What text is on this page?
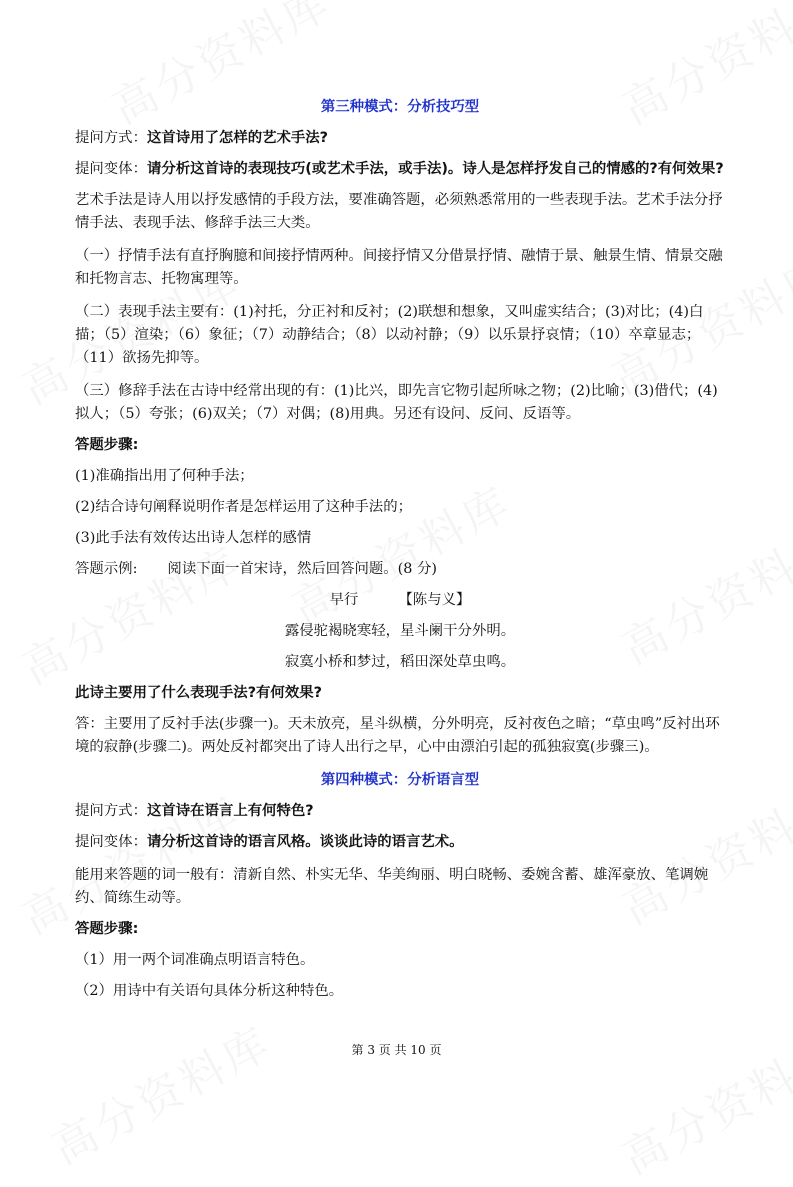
第三种模式：分析技巧型

提问方式：这首诗用了怎样的艺术手法?

提问变体：请分析这首诗的表现技巧(或艺术手法，或手法)。诗人是怎样抒发自己的情感的?有何效果?

艺术手法是诗人用以抒发感情的手段方法，要准确答题，必须熟悉常用的一些表现手法。艺术手法分抒情手法、表现手法、修辞手法三大类。

（一）抒情手法有直抒胸臆和间接抒情两种。间接抒情又分借景抒情、融情于景、触景生情、情景交融和托物言志、托物寓理等。

（二）表现手法主要有：(1)衬托，分正衬和反衬；(2)联想和想象，又叫虚实结合；(3)对比；(4)白描；（5）渲染；（6）象征；（7）动静结合；（8）以动衬静；（9）以乐景抒哀情；（10）卒章显志；（11）欲扬先抑等。

（三）修辞手法在古诗中经常出现的有：(1)比兴，即先言它物引起所咏之物；(2)比喻；(3)借代；(4)拟人；（5）夸张；(6)双关；（7）对偶；(8)用典。另还有设问、反问、反语等。

答题步骤:

(1)准确指出用了何种手法；

(2)结合诗句阐释说明作者是怎样运用了这种手法的；

(3)此手法有效传达出诗人怎样的感情

答题示例: 阅读下面一首宋诗，然后回答问题。(8 分)

早行	【陈与义】

露侵驼褐晓寒轻，星斗阑干分外明。

寂寞小桥和梦过，稻田深处草虫鸣。

此诗主要用了什么表现手法?有何效果?

答：主要用了反衬手法(步骤一)。天未放亮，星斗纵横，分外明亮，反衬夜色之暗；“草虫鸣”反衬出环境的寂静(步骤二)。两处反衬都突出了诗人出行之早，心中由漂泊引起的孤独寂寞(步骤三)。

第四种模式：分析语言型

提问方式：这首诗在语言上有何特色?

提问变体：请分析这首诗的语言风格。谈谈此诗的语言艺术。

能用来答题的词一般有：清新自然、朴实无华、华美绚丽、明白晓畅、委婉含蓄、雄浑豪放、笔调婉约、简练生动等。

答题步骤:

（1）用一两个词准确点明语言特色。

（2）用诗中有关语句具体分析这种特色。

第 3 页 共 10 页
